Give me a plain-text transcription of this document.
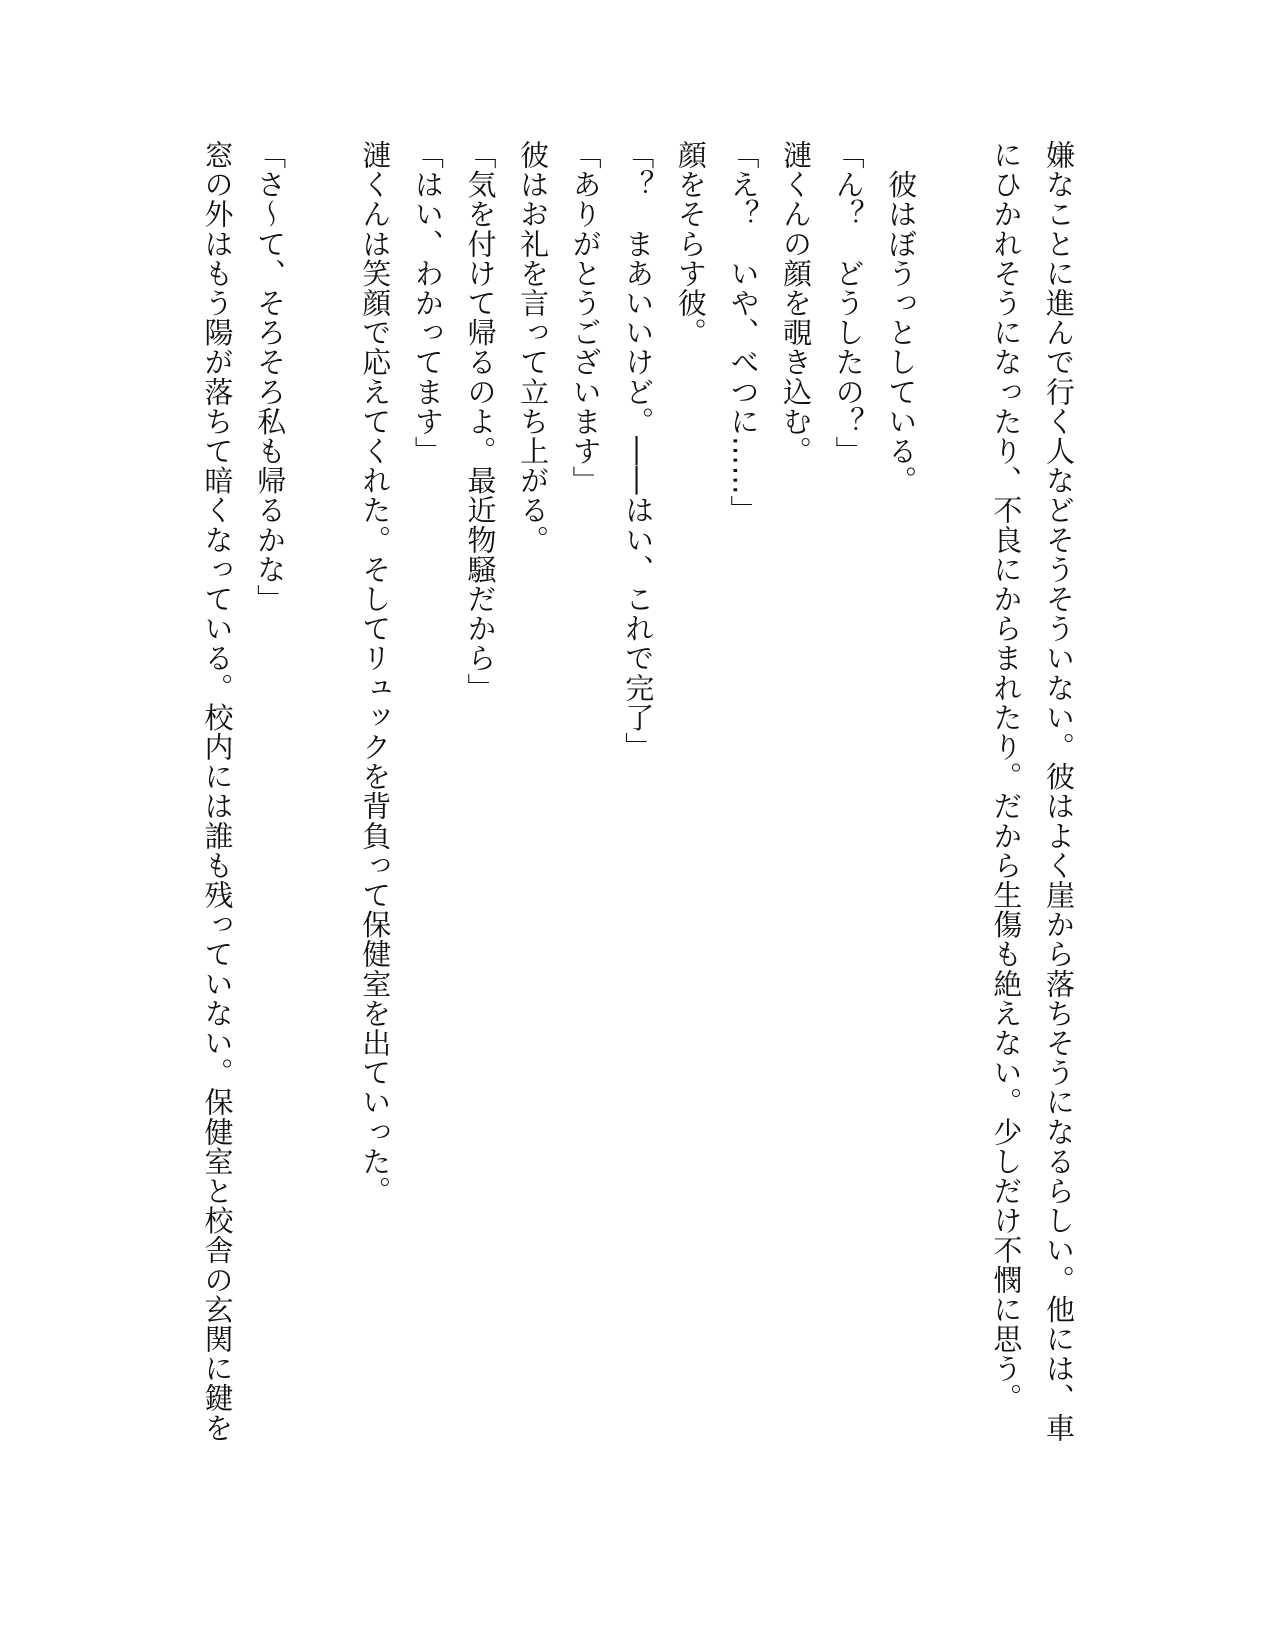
嫌なことに進んで行く人などそうそういない。彼はよく崖から落ちそうになるらしい。他には、車
にひかれそうになったり、不良にからまれたり。だから生傷も絶えない。少しだけ不憫に思う。
　彼はぼうっとしている。
「ん？　どうしたの？」
漣くんの顔を覗き込む。
「え？　いや、べつに……」
顔をそらす彼。
「？　まあいいけど。――はい、これで完了」
「ありがとうございます」
彼はお礼を言って立ち上がる。
「気を付けて帰るのよ。最近物騒だから」
「はい、わかってます」
漣くんは笑顔で応えてくれた。そしてリュックを背負って保健室を出ていった。
「さ～て、そろそろ私も帰るかな」
窓の外はもう陽が落ちて暗くなっている。校内には誰も残っていない。保健室と校舎の玄関に鍵を
